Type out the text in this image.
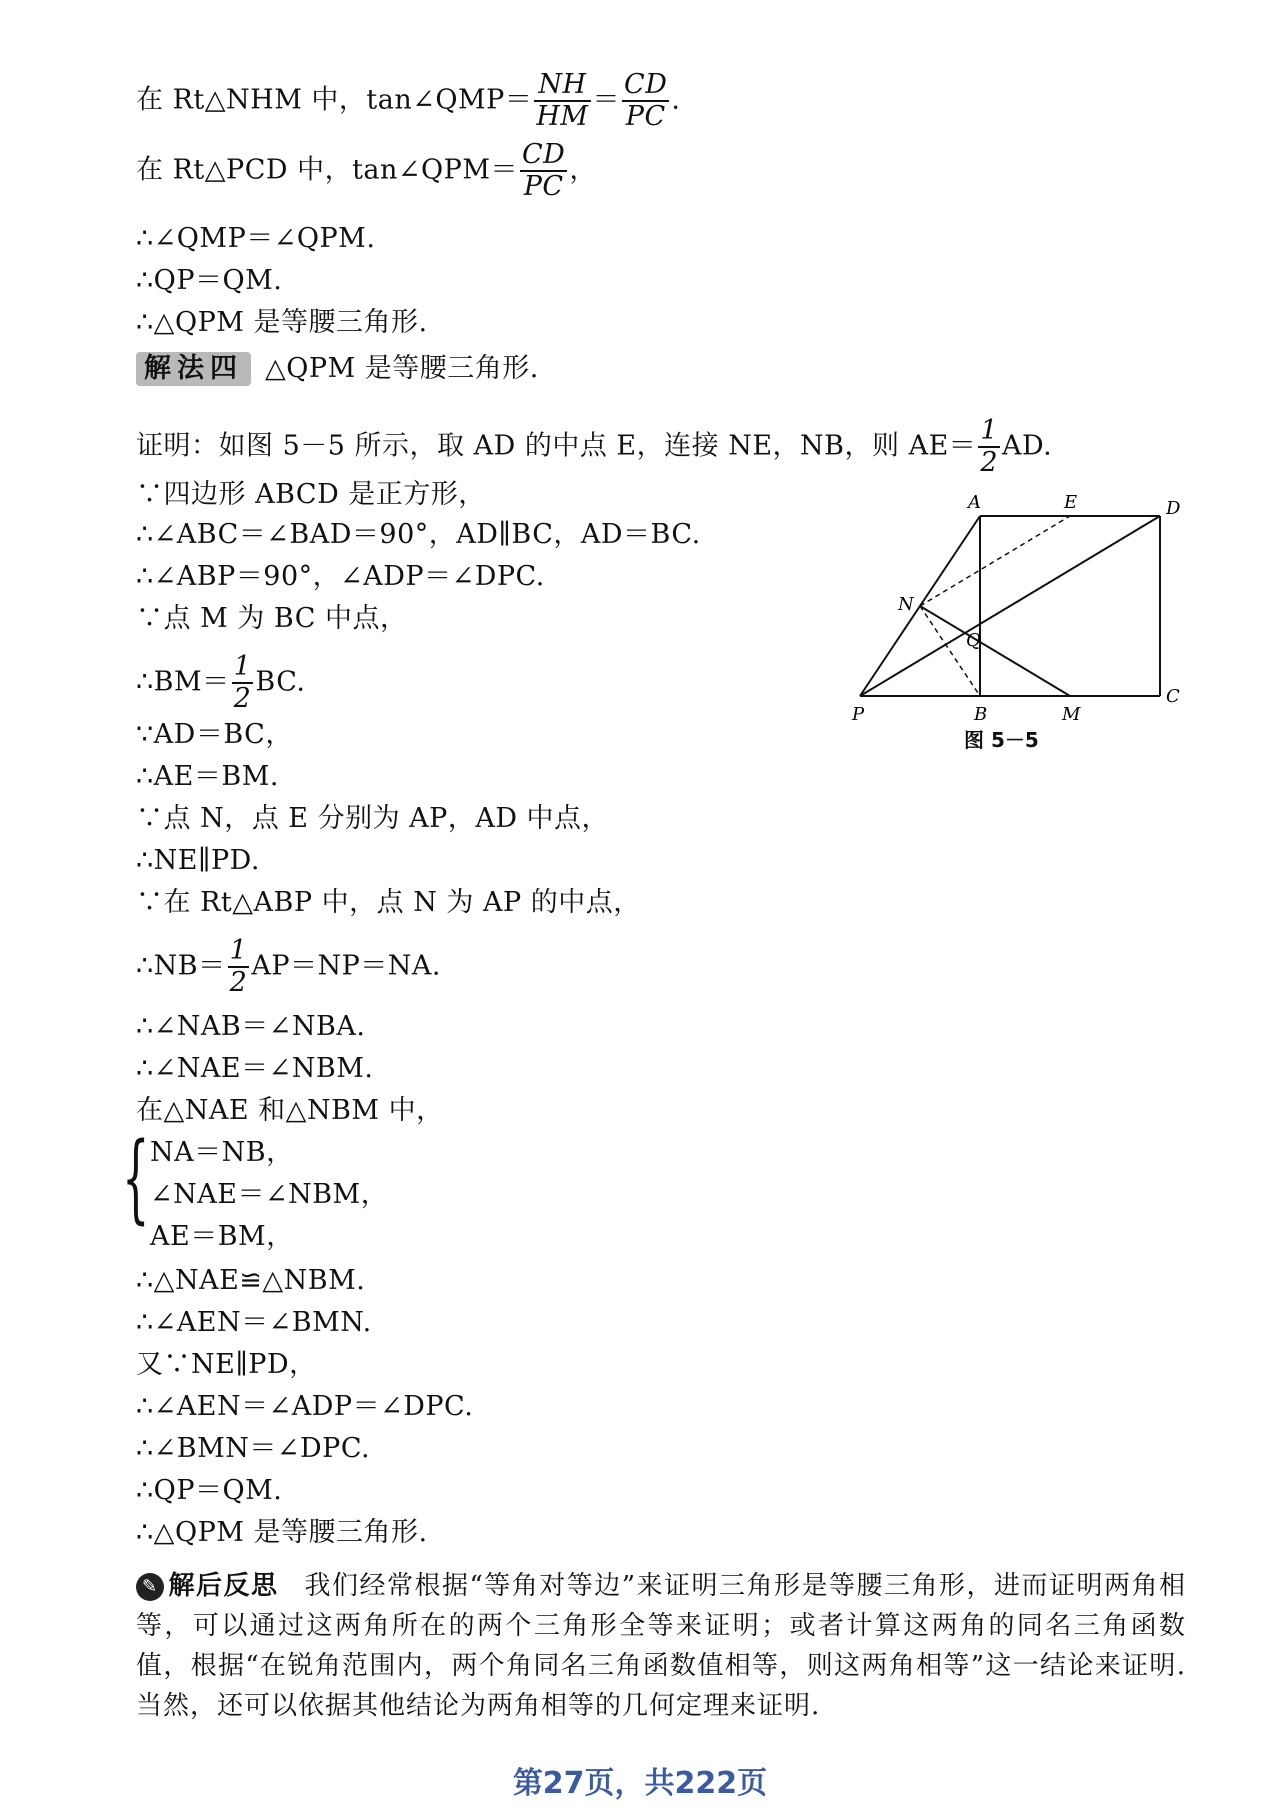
在 Rt△NHM 中，tan∠QMP＝ $\frac{NH}{HM} = \frac{CD}{PC}$ .
在 Rt△PCD 中，tan∠QPM＝ $\frac{CD}{PC}$ ，
∴∠QMP＝∠QPM.
∴QP＝QM.
∴△QPM 是等腰三角形.
解法四 △QPM 是等腰三角形.
证明：如图 5－5 所示，取 AD 的中点 E，连接 NE，NB，则 $AE= \frac{1}{2}$ AD.
∵四边形 ABCD 是正方形，
∴∠ABC＝∠BAD＝90°，AD∥BC，AD＝BC.
∴∠ABP＝90°，∠ADP＝∠DPC.
∵点 M 为 BC 中点，
∴BM＝ $\frac{1}{2}$ BC.
∵AD＝BC，
∴AE＝BM.
∵点 N，点 E 分别为 AP，AD 中点，
∴NE∥PD.
∵在 Rt△ABP 中，点 N 为 AP 的中点，
∴NB＝ $\frac{1}{2} AP=NP=NA$.
∴∠NAB＝∠NBA.
∴∠NAE＝∠NBM.
在△NAE 和△NBM 中，
{ NA＝NB，
∠NAE＝∠NBM，
AE＝BM，
∴△NAE≌△NBM.
∴∠AEN＝∠BMN.
又∵NE∥PD，
∴∠AEN＝∠ADP＝∠DPC.
∴∠BMN＝∠DPC.
∴QP＝QM.
∴△QPM 是等腰三角形.
✎ 解后反思 我们经常根据“等角对等边”来证明三角形是等腰三角形，进而证明两角相等，可以通过这两角所在的两个三角形全等来证明；或者计算这两角的同名三角函数值，根据“在锐角范围内，两个角同名三角函数值相等，则这两角相等”这一结论来证明. 当然，还可以依据其他结论为两角相等的几何定理来证明.
A	E	D
N
Q
P	B	M
C
图 5－5
第27页，共222页
